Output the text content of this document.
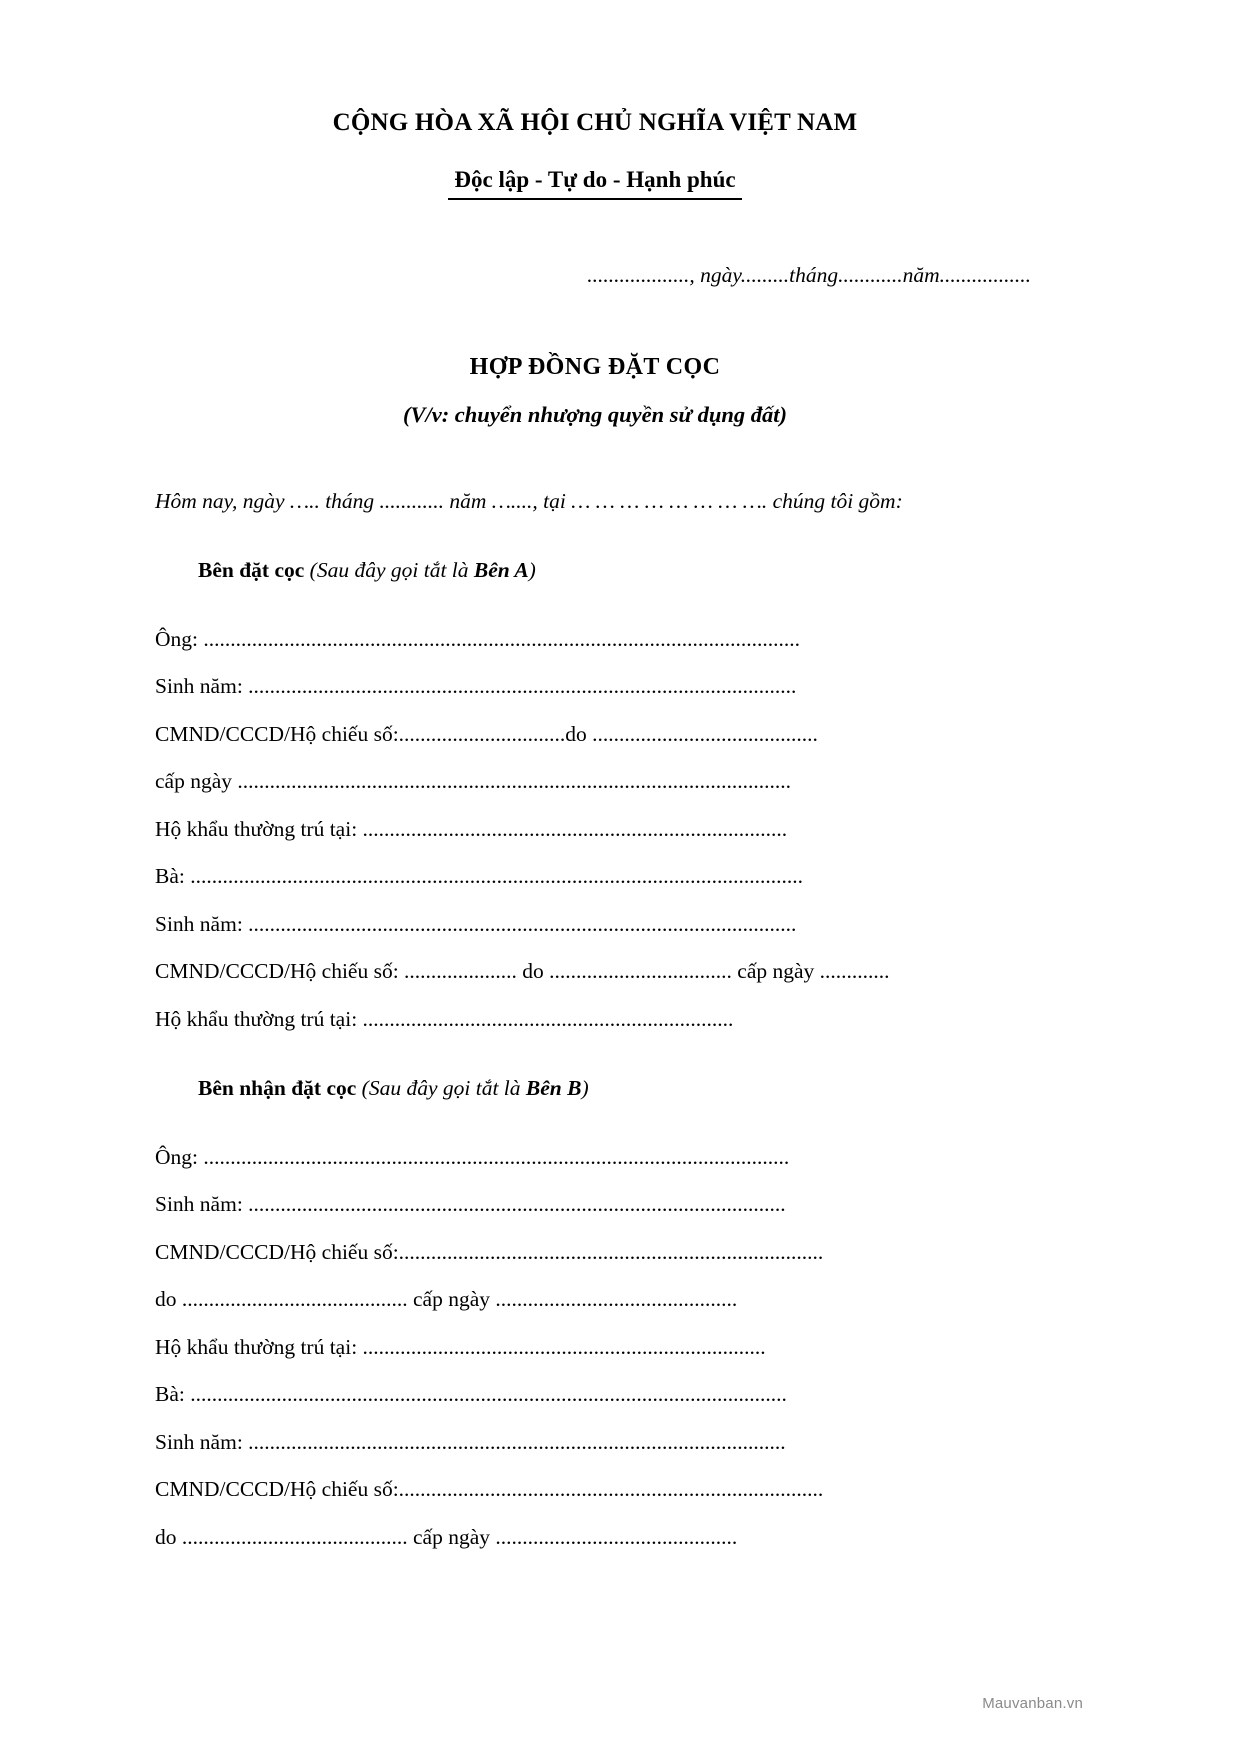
CỘNG HÒA XÃ HỘI CHỦ NGHĨA VIỆT NAM
Độc lập - Tự do - Hạnh phúc
..................., ngày.........tháng............năm.................
HỢP ĐỒNG ĐẶT CỌC
(V/v: chuyển nhượng quyền sử dụng đất)
Hôm nay, ngày ….. tháng ............ năm …...., tại … … … … … … … …. chúng tôi gồm:

Bên đặt cọc (Sau đây gọi tắt là Bên A)

Ông: ...............................................................................................................
Sinh năm: ......................................................................................................
CMND/CCCD/Hộ chiếu số:...............................do ..........................................
cấp ngày .......................................................................................................
Hộ khẩu thường trú tại: ...............................................................................
Bà: ..................................................................................................................
Sinh năm: ......................................................................................................
CMND/CCCD/Hộ chiếu số: ..................... do .................................. cấp ngày .............
Hộ khẩu thường trú tại: .....................................................................

Bên nhận đặt cọc (Sau đây gọi tắt là Bên B)

Ông: .............................................................................................................
Sinh năm: ....................................................................................................
CMND/CCCD/Hộ chiếu số:...............................................................................
do .......................................... cấp ngày .............................................
Hộ khẩu thường trú tại: ...........................................................................
Bà: ...............................................................................................................
Sinh năm: ....................................................................................................
CMND/CCCD/Hộ chiếu số:...............................................................................
do .......................................... cấp ngày .............................................
Mauvanban.vn
